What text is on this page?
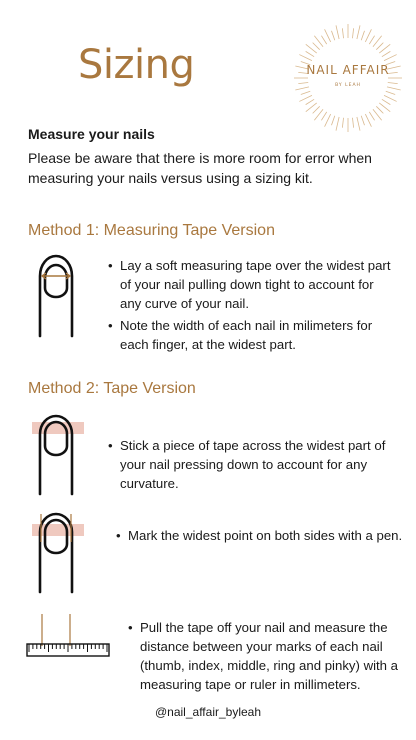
Sizing	NAIL AFFAIR
BY LEAH
Measure your nails
Please be aware that there is more room for error when measuring your nails versus using a sizing kit.
Method 1: Measuring Tape Version
• Lay a soft measuring tape over the widest part of your nail pulling down tight to account for any curve of your nail.
• Note the width of each nail in milimeters for each finger, at the widest part.
Method 2: Tape Version
• Stick a piece of tape across the widest part of your nail pressing down to account for any curvature.
• Mark the widest point on both sides with a pen.
• Pull the tape off your nail and measure the distance between your marks of each nail (thumb, index, middle, ring and pinky) with a measuring tape or ruler in millimeters.
@nail_affair_byleah
